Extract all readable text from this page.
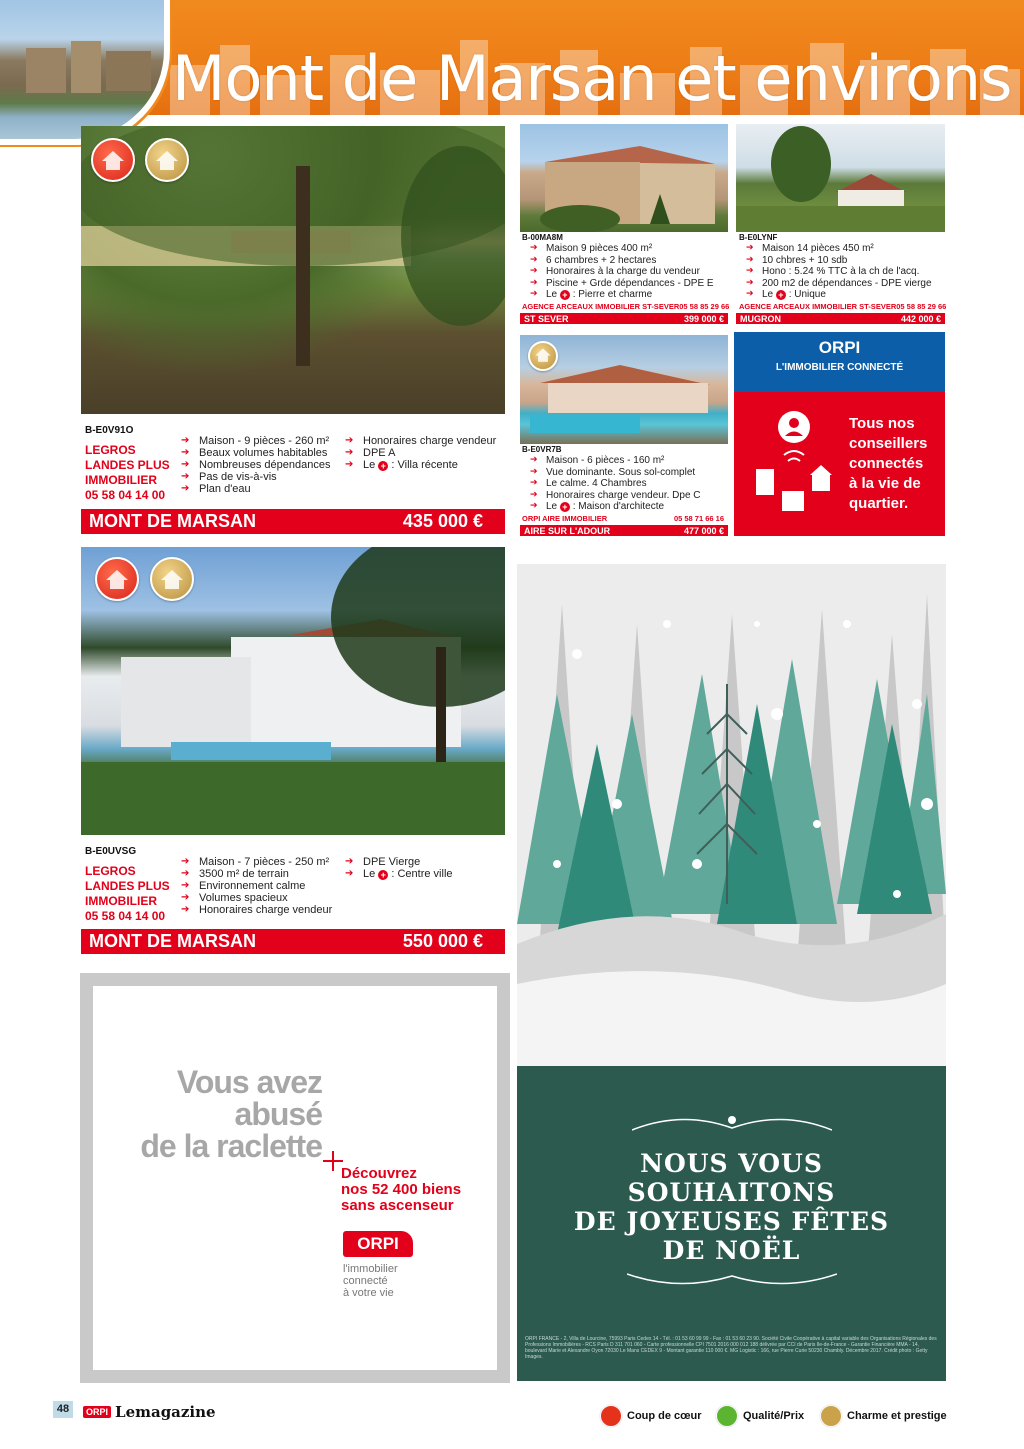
Mont de Marsan et environs
B-E0V91O
LEGROS
LANDES PLUS
IMMOBILIER
05 58 04 14 00
➔ Maison - 9 pièces - 260 m²
➔ Beaux volumes habitables
➔ Nombreuses dépendances
➔ Pas de vis-à-vis
➔ Plan d'eau
➔ Honoraires charge vendeur
➔ DPE A
➔ Le + : Villa récente
MONT DE MARSAN	435 000 €
B-00MA8M
➔ Maison 9 pièces 400 m²
➔ 6 chambres + 2 hectares
➔ Honoraires à la charge du vendeur
➔ Piscine + Grde dépendances - DPE E
➔ Le + : Pierre et charme
AGENCE ARCEAUX IMMOBILIER ST-SEVER 05 58 85 29 66
ST SEVER	399 000 €
B-E0LYNF
➔ Maison 14 pièces 450 m²
➔ 10 chbres + 10 sdb
➔ Hono : 5.24 % TTC à la ch de l'acq.
➔ 200 m2 de dépendances - DPE vierge
➔ Le + : Unique
AGENCE ARCEAUX IMMOBILIER ST-SEVER 05 58 85 29 66
MUGRON	442 000 €
B-E0VR7B
➔ Maison - 6 pièces - 160 m²
➔ Vue dominante. Sous sol-complet
➔ Le calme. 4 Chambres
➔ Honoraires charge vendeur. Dpe C
➔ Le + : Maison d'architecte
ORPI AIRE IMMOBILIER	05 58 71 66 16
AIRE SUR L'ADOUR	477 000 €
ORPI
L'IMMOBILIER CONNECTÉ
Tous nos
conseillers
connectés
à la vie de
quartier.
B-E0UVSG
LEGROS
LANDES PLUS
IMMOBILIER
05 58 04 14 00
➔ Maison - 7 pièces - 250 m²
➔ 3500 m² de terrain
➔ Environnement calme
➔ Volumes spacieux
➔ Honoraires charge vendeur
➔ DPE Vierge
➔ Le + : Centre ville
MONT DE MARSAN	550 000 €
NOUS VOUS
SOUHAITONS
DE JOYEUSES FÊTES
DE NOËL
ORPI FRANCE - 2, Villa de Lourcine, 75993 Paris Cedex 14 - Tél. : 01 53 60 99 99 - Fax : 01 53 60 23 90. Société Civile Coopérative à capital variable des Organisations Régionales des Professions Immobilières - RCS Paris D 311 701 060 - Carte professionnelle CPI 7501 2016 000 012 188 délivrée par CCI de Paris Ile-de-France - Garantie Financière MMA - 14, boulevard Marie et Alexandre Oyon 72030 Le Mans CEDEX 9 - Montant garantie 110 000 €. MG Logistic : 166, rue Pierre Curie 50230 Chambly. Décembre 2017. Crédit photo : Getty Images.
Vous avez
abusé
de la raclette
Découvrez
nos 52 400 biens
sans ascenseur
ORPI
l'immobilier
connecté
à votre vie
48	ORPI Lemagazine	Coup de cœur	Qualité/Prix	Charme et prestige
